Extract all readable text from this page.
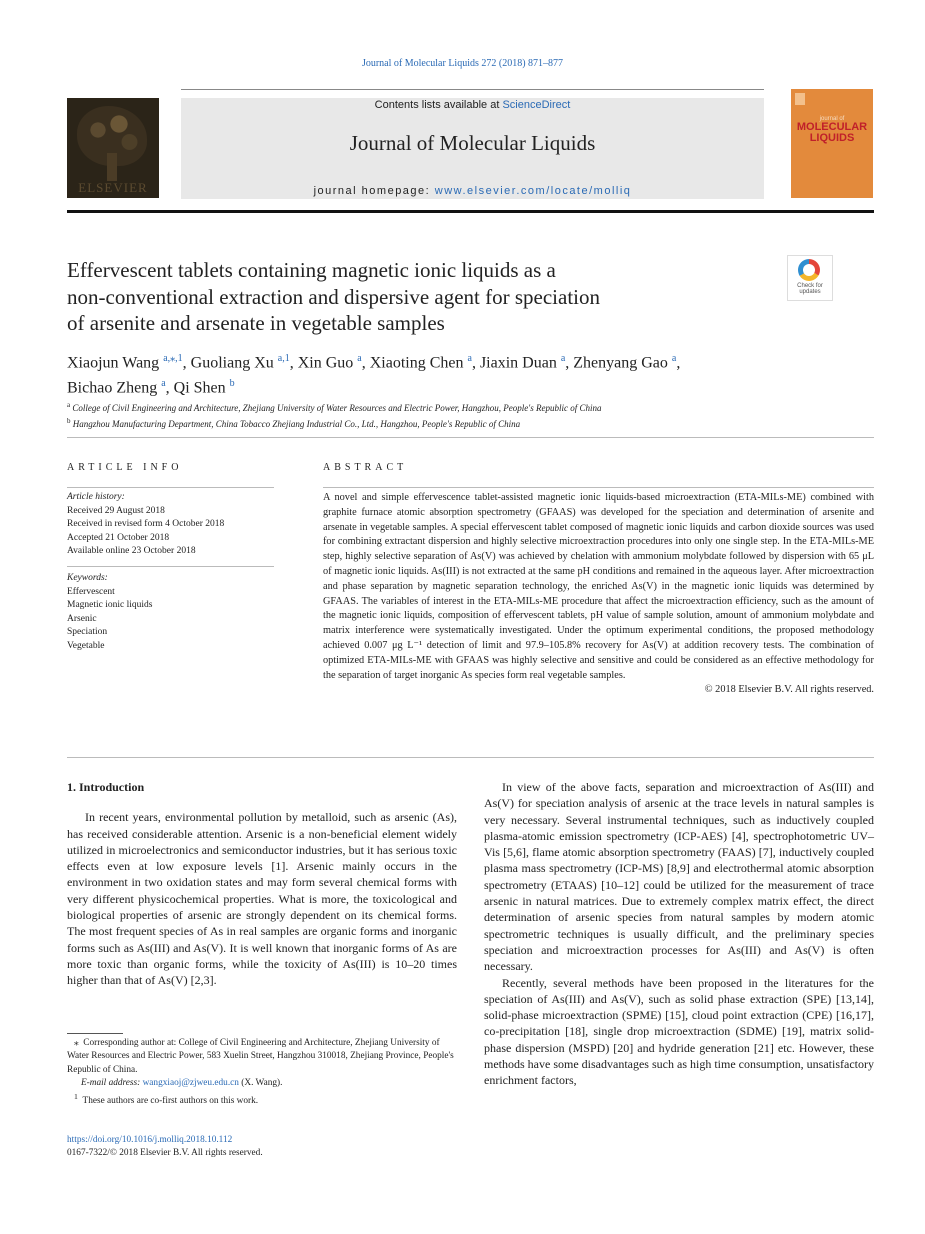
Journal of Molecular Liquids 272 (2018) 871–877
ELSEVIER
Contents lists available at ScienceDirect
Journal of Molecular Liquids
journal homepage: www.elsevier.com/locate/molliq
journal of
MOLECULAR
LIQUIDS
Effervescent tablets containing magnetic ionic liquids as a
non-conventional extraction and dispersive agent for speciation
of arsenite and arsenate in vegetable samples
Check for
updates
Xiaojun Wang $^{a,⁎,1}$, Guoliang Xu $^{a,1}$, Xin Guo $^a$, Xiaoting Chen $^a$, Jiaxin Duan $^a$, Zhenyang Gao $^a$,
Bichao Zheng $^a$, Qi Shen $^b$
$^a$ College of Civil Engineering and Architecture, Zhejiang University of Water Resources and Electric Power, Hangzhou, People's Republic of China
$^b$ Hangzhou Manufacturing Department, China Tobacco Zhejiang Industrial Co., Ltd., Hangzhou, People's Republic of China
ARTICLE INFO	ABSTRACT
Article history:
Received 29 August 2018
Received in revised form 4 October 2018
Accepted 21 October 2018
Available online 23 October 2018
Keywords:
Effervescent
Magnetic ionic liquids
Arsenic
Speciation
Vegetable
A novel and simple effervescence tablet-assisted magnetic ionic liquids-based microextraction (ETA-MILs-ME) combined with graphite furnace atomic absorption spectrometry (GFAAS) was developed for the speciation and determination of arsenite and arsenate in vegetable samples. A special effervescent tablet composed of magnetic ionic liquids and carbon dioxide sources was used for combining extractant dispersion and highly selective microextraction procedures into only one single step. In the ETA-MILs-ME step, highly selective separation of As(V) was achieved by chelation with ammonium molybdate followed by dispersion with 65 μL of magnetic ionic liquids. As(III) is not extracted at the same pH conditions and remained in the aqueous layer. After microextraction and phase separation by magnetic separation technology, the enriched As(V) in the magnetic ionic liquids was determined by GFAAS. The variables of interest in the ETA-MILs-ME procedure that affect the microextraction efficiency, such as the amount of the magnetic ionic liquids, composition of effervescent tablets, pH value of sample solution, amount of ammonium molybdate and matrix interference were systematically investigated. Under the optimum experimental conditions, the proposed methodology achieved 0.007 μg L⁻¹ detection of limit and 97.9–105.8% recovery for As(V) at addition recovery tests. The combination of optimized ETA-MILs-ME with GFAAS was highly selective and sensitive and could be considered as an effective methodology for the separation of target inorganic As species form real vegetable samples.
© 2018 Elsevier B.V. All rights reserved.
1. Introduction

In recent years, environmental pollution by metalloid, such as arsenic (As), has received considerable attention. Arsenic is a non-beneficial element widely utilized in microelectronics and semiconductor industries, but it has serious toxic effects even at low exposure levels [1]. Arsenic mainly occurs in the environment in two oxidation states and may form several chemical forms with very different physicochemical properties. What is more, the toxicological and biological properties of arsenic are strongly dependent on its chemical forms. The most frequent species of As in real samples are organic forms and inorganic forms such as As(III) and As(V). It is well known that inorganic forms of As are more toxic than organic forms, while the toxicity of As(III) is 10–20 times higher than that of As(V) [2,3].

In view of the above facts, separation and microextraction of As(III) and As(V) for speciation analysis of arsenic at the trace levels in natural samples is very necessary. Several instrumental techniques, such as inductively coupled plasma-atomic emission spectrometry (ICP-AES) [4], spectrophotometric UV–Vis [5,6], flame atomic absorption spectrometry (FAAS) [7], inductively coupled plasma mass spectrometry (ICP-MS) [8,9] and electrothermal atomic absorption spectrometry (ETAAS) [10–12] could be utilized for the measurement of trace arsenic in natural matrices. Due to extremely complex matrix effect, the direct determination of arsenic species from natural samples by modern atomic spectrometric techniques is usually difficult, and the preliminary species speciation and microextraction processes for As(III) and As(V) is often necessary.

Recently, several methods have been proposed in the literatures for the speciation of As(III) and As(V), such as solid phase extraction (SPE) [13,14], solid-phase microextraction (SPME) [15], cloud point extraction (CPE) [16,17], co-precipitation [18], single drop microextraction (SDME) [19], matrix solid-phase dispersion (MSPD) [20] and hydride generation [21] etc. However, these methods have some disadvantages such as high time consumption, unsatisfactory enrichment factors,

⁎ Corresponding author at: College of Civil Engineering and Architecture, Zhejiang University of Water Resources and Electric Power, 583 Xuelin Street, Hangzhou 310018, Zhejiang Province, People's Republic of China.

E-mail address: wangxiaoj@zjweu.edu.cn (X. Wang).

$^1$ These authors are co-first authors on this work.

https://doi.org/10.1016/j.molliq.2018.10.112
0167-7322/© 2018 Elsevier B.V. All rights reserved.
